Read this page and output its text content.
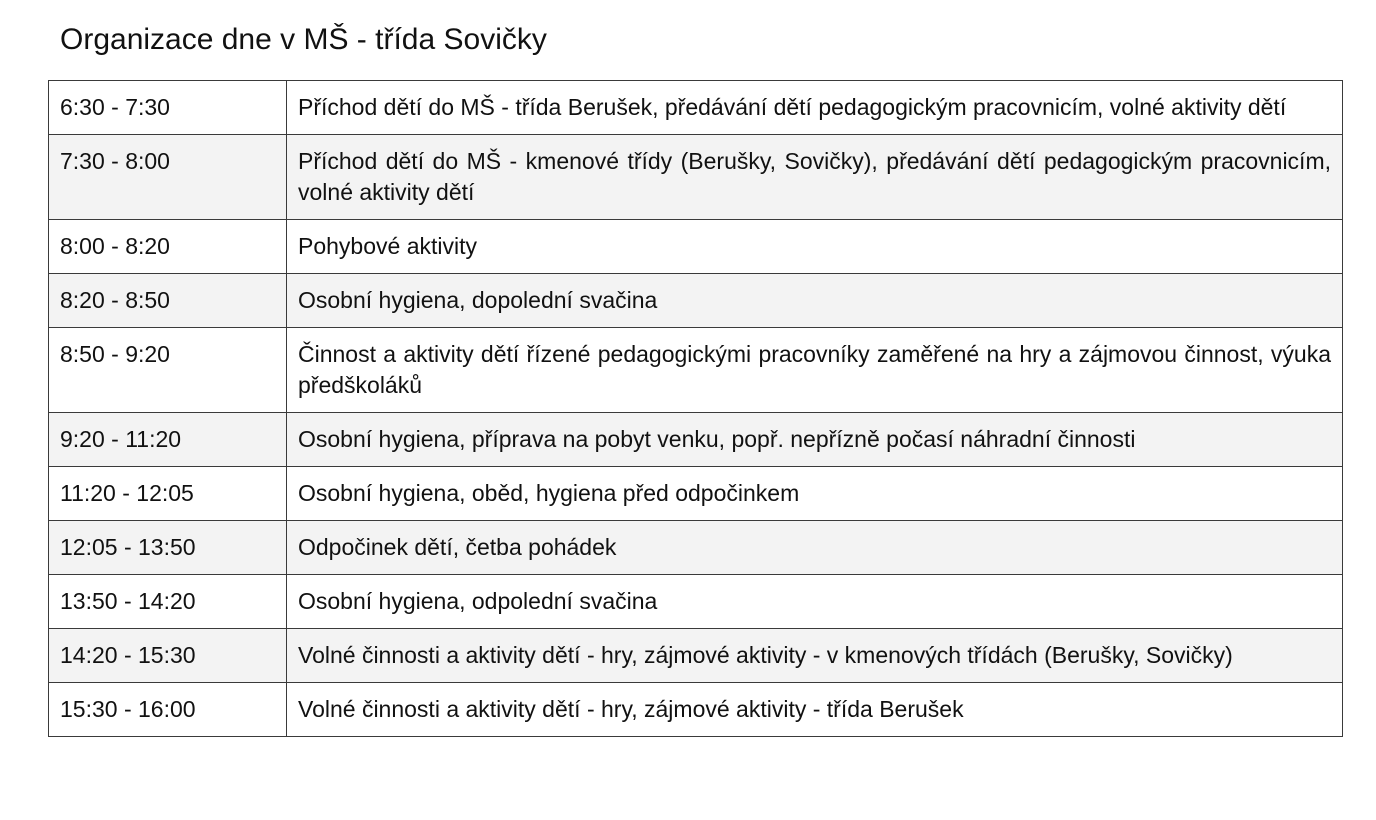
Organizace dne v MŠ - třída Sovičky
6:30 - 7:30	Příchod dětí do MŠ - třída Berušek, předávání dětí pedagogickým pracovnicím, volné aktivity dětí
7:30 - 8:00	Příchod dětí do MŠ - kmenové třídy (Berušky, Sovičky), předávání dětí pedagogickým pracovnicím, volné aktivity dětí
8:00 - 8:20	Pohybové aktivity
8:20 - 8:50	Osobní hygiena, dopolední svačina
8:50 - 9:20	Činnost a aktivity dětí řízené pedagogickými pracovníky zaměřené na hry a zájmovou činnost, výuka předškoláků
9:20 - 11:20	Osobní hygiena, příprava na pobyt venku, popř. nepřízně počasí náhradní činnosti
11:20 - 12:05	Osobní hygiena, oběd, hygiena před odpočinkem
12:05 - 13:50	Odpočinek dětí, četba pohádek
13:50 - 14:20	Osobní hygiena, odpolední svačina
14:20 - 15:30	Volné činnosti a aktivity dětí - hry, zájmové aktivity - v kmenových třídách (Berušky, Sovičky)
15:30 - 16:00	Volné činnosti a aktivity dětí - hry, zájmové aktivity - třída Berušek
